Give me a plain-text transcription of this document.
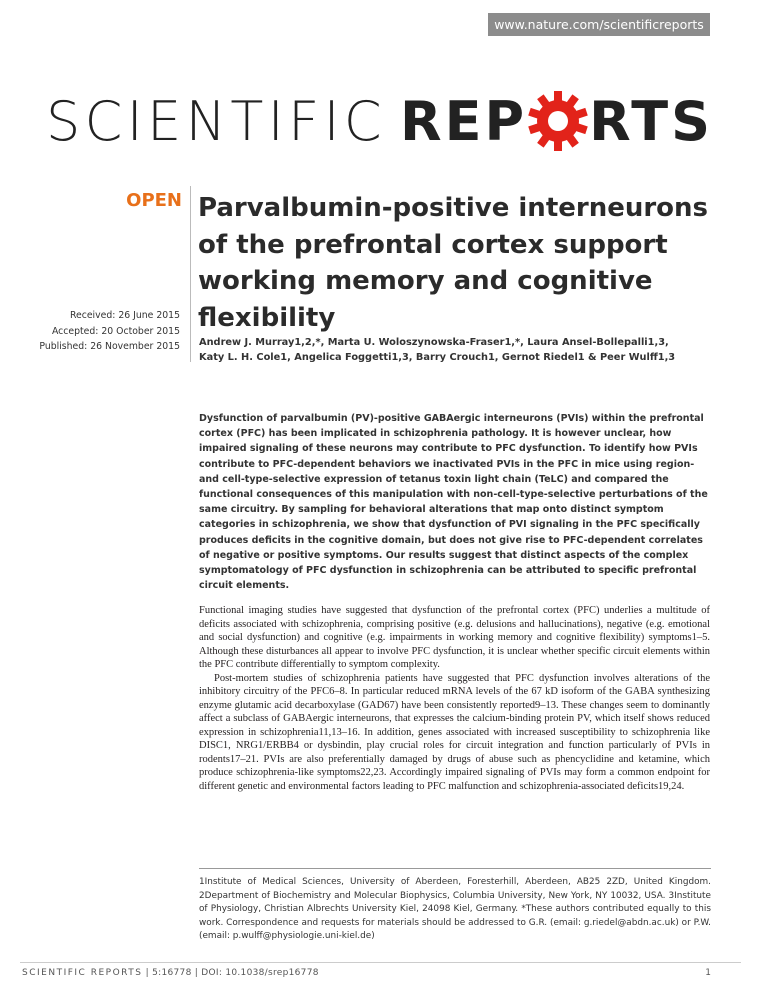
www.nature.com/scientificreports
SCIENTIFIC REP RTS
OPEN Parvalbumin-positive interneurons of the prefrontal cortex support working memory and cognitive flexibility
Received: 26 June 2015
Accepted: 20 October 2015
Published: 26 November 2015 Andrew J. Murray1,2,*, Marta U. Woloszynowska-Fraser1,*, Laura Ansel-Bollepalli1,3,
Katy L. H. Cole1, Angelica Foggetti1,3, Barry Crouch1, Gernot Riedel1 & Peer Wulff1,3

Dysfunction of parvalbumin (PV)-positive GABAergic interneurons (PVIs) within the prefrontal cortex (PFC) has been implicated in schizophrenia pathology. It is however unclear, how impaired signaling of these neurons may contribute to PFC dysfunction. To identify how PVIs contribute to PFC-dependent behaviors we inactivated PVIs in the PFC in mice using region- and cell-type-selective expression of tetanus toxin light chain (TeLC) and compared the functional consequences of this manipulation with non-cell-type-selective perturbations of the same circuitry. By sampling for behavioral alterations that map onto distinct symptom categories in schizophrenia, we show that dysfunction of PVI signaling in the PFC specifically produces deficits in the cognitive domain, but does not give rise to PFC-dependent correlates of negative or positive symptoms. Our results suggest that distinct aspects of the complex symptomatology of PFC dysfunction in schizophrenia can be attributed to specific prefrontal circuit elements.

Functional imaging studies have suggested that dysfunction of the prefrontal cortex (PFC) underlies a multitude of deficits associated with schizophrenia, comprising positive (e.g. delusions and hallucinations), negative (e.g. emotional and social dysfunction) and cognitive (e.g. impairments in working memory and cognitive flexibility) symptoms1–5. Although these disturbances all appear to involve PFC dysfunction, it is unclear whether specific circuit elements within the PFC contribute differentially to symptom complexity.

Post-mortem studies of schizophrenia patients have suggested that PFC dysfunction involves alterations of the inhibitory circuitry of the PFC6–8. In particular reduced mRNA levels of the 67 kD isoform of the GABA synthesizing enzyme glutamic acid decarboxylase (GAD67) have been consistently reported9–13. These changes seem to dominantly affect a subclass of GABAergic interneurons, that expresses the calcium-binding protein PV, which itself shows reduced expression in schizophrenia11,13–16. In addition, genes associated with increased susceptibility to schizophrenia like DISC1, NRG1/ERBB4 or dysbindin, play crucial roles for circuit integration and function particularly of PVIs in rodents17–21. PVIs are also preferentially damaged by drugs of abuse such as phencyclidine and ketamine, which produce schizophrenia-like symptoms22,23. Accordingly impaired signaling of PVIs may form a common endpoint for different genetic and environmental factors leading to PFC malfunction and schizophrenia-associated deficits19,24.

1Institute of Medical Sciences, University of Aberdeen, Foresterhill, Aberdeen, AB25 2ZD, United Kingdom. 2Department of Biochemistry and Molecular Biophysics, Columbia University, New York, NY 10032, USA. 3Institute of Physiology, Christian Albrechts University Kiel, 24098 Kiel, Germany. *These authors contributed equally to this work. Correspondence and requests for materials should be addressed to G.R. (email: g.riedel@abdn.ac.uk) or P.W. (email: p.wulff@physiologie.uni-kiel.de)
SCIENTIFIC REPORTS | 5:16778 | DOI: 10.1038/srep16778	1
